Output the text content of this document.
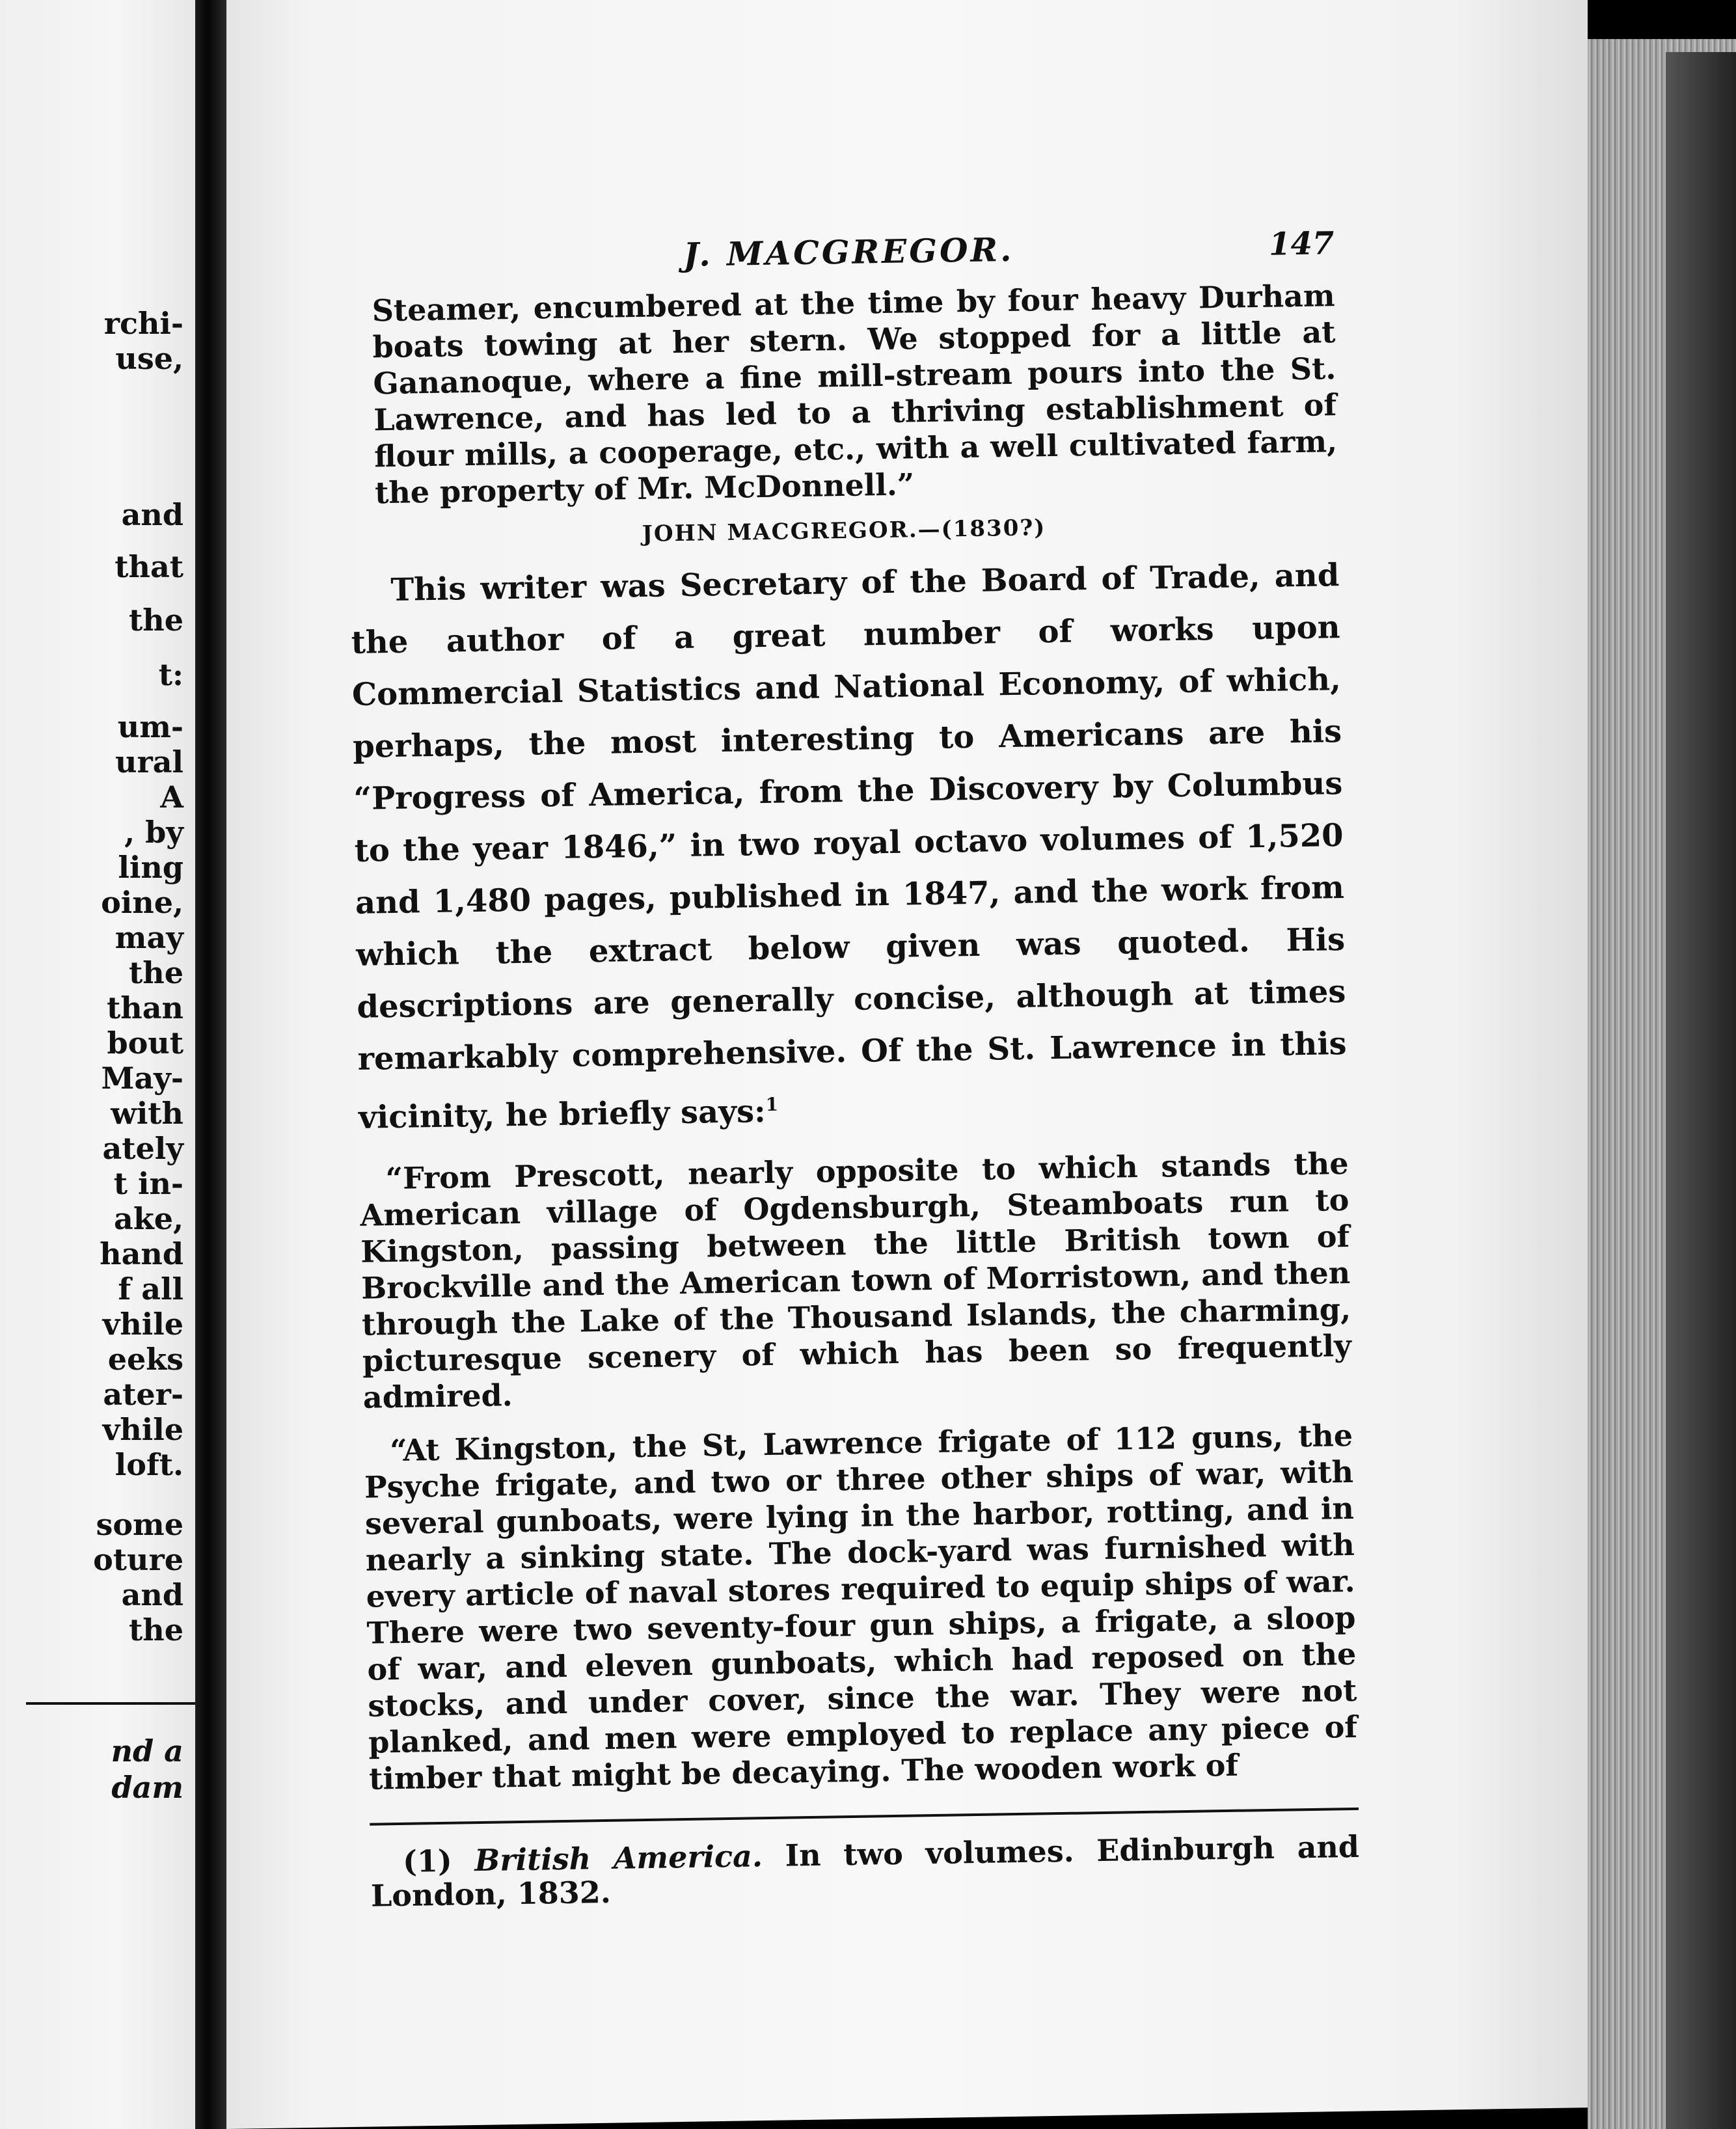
rchi-
use,
and
that
the
t:
um-
ural
A
, by
ling
oine,
may
the
than
bout
May-
with
ately
t in-
ake,
hand
f all
vhile
eeks
ater-
vhile
loft.
some
oture
and
the
nd a
dam
J. MACGREGOR.	147

Steamer, encumbered at the time by four heavy Durham boats towing at her stern. We stopped for a little at Gananoque, where a fine mill-stream pours into the St. Lawrence, and has led to a thriving establishment of flour mills, a cooperage, etc., with a well cultivated farm, the property of Mr. McDonnell.”

JOHN MACGREGOR.—(1830?)

This writer was Secretary of the Board of Trade, and the author of a great number of works upon Commercial Statistics and National Economy, of which, perhaps, the most interesting to Americans are his “Progress of America, from the Discovery by Columbus to the year 1846,” in two royal octavo volumes of 1,520 and 1,480 pages, published in 1847, and the work from which the extract below given was quoted. His descriptions are generally concise, although at times remarkably comprehensive. Of the St. Lawrence in this vicinity, he briefly says:$^1$

“From Prescott, nearly opposite to which stands the American village of Ogdensburgh, Steamboats run to Kingston, passing between the little British town of Brockville and the American town of Morristown, and then through the Lake of the Thousand Islands, the charming, picturesque scenery of which has been so frequently admired.

“At Kingston, the St, Lawrence frigate of 112 guns, the Psyche frigate, and two or three other ships of war, with several gunboats, were lying in the harbor, rotting, and in nearly a sinking state. The dock-yard was furnished with every article of naval stores required to equip ships of war. There were two seventy-four gun ships, a frigate, a sloop of war, and eleven gunboats, which had reposed on the stocks, and under cover, since the war. They were not planked, and men were employed to replace any piece of timber that might be decaying. The wooden work of

(1) British America. In two volumes. Edinburgh and London, 1832.
